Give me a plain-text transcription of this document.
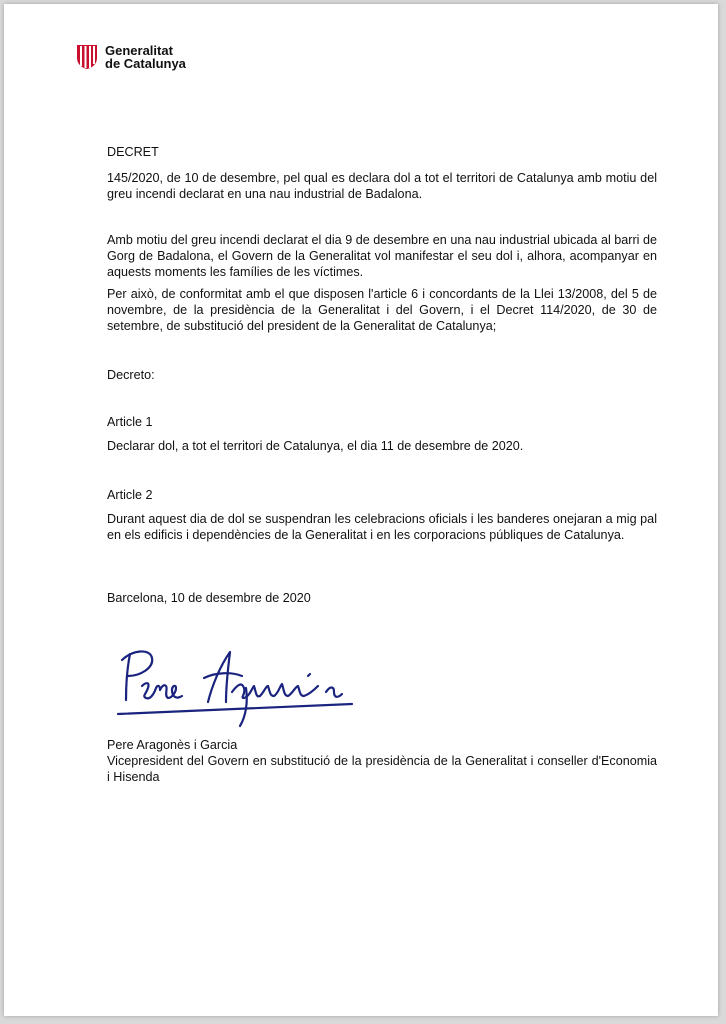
Generalitat
de Catalunya
DECRET
145/2020, de 10 de desembre, pel qual es declara dol a tot el territori de Catalunya amb motiu del greu incendi declarat en una nau industrial de Badalona.
Amb motiu del greu incendi declarat el dia 9 de desembre en una nau industrial ubicada al barri de Gorg de Badalona, el Govern de la Generalitat vol manifestar el seu dol i, alhora, acompanyar en aquests moments les famílies de les víctimes.
Per això, de conformitat amb el que disposen l'article 6 i concordants de la Llei 13/2008, del 5 de novembre, de la presidència de la Generalitat i del Govern, i el Decret 114/2020, de 30 de setembre, de substitució del president de la Generalitat de Catalunya;
Decreto:
Article 1
Declarar dol, a tot el territori de Catalunya, el dia 11 de desembre de 2020.
Article 2
Durant aquest dia de dol se suspendran les celebracions oficials i les banderes onejaran a mig pal en els edificis i dependències de la Generalitat i en les corporacions públiques de Catalunya.
Barcelona, 10 de desembre de 2020
Pere Aragonès i Garcia
Vicepresident del Govern en substitució de la presidència de la Generalitat i conseller d'Economia i Hisenda
